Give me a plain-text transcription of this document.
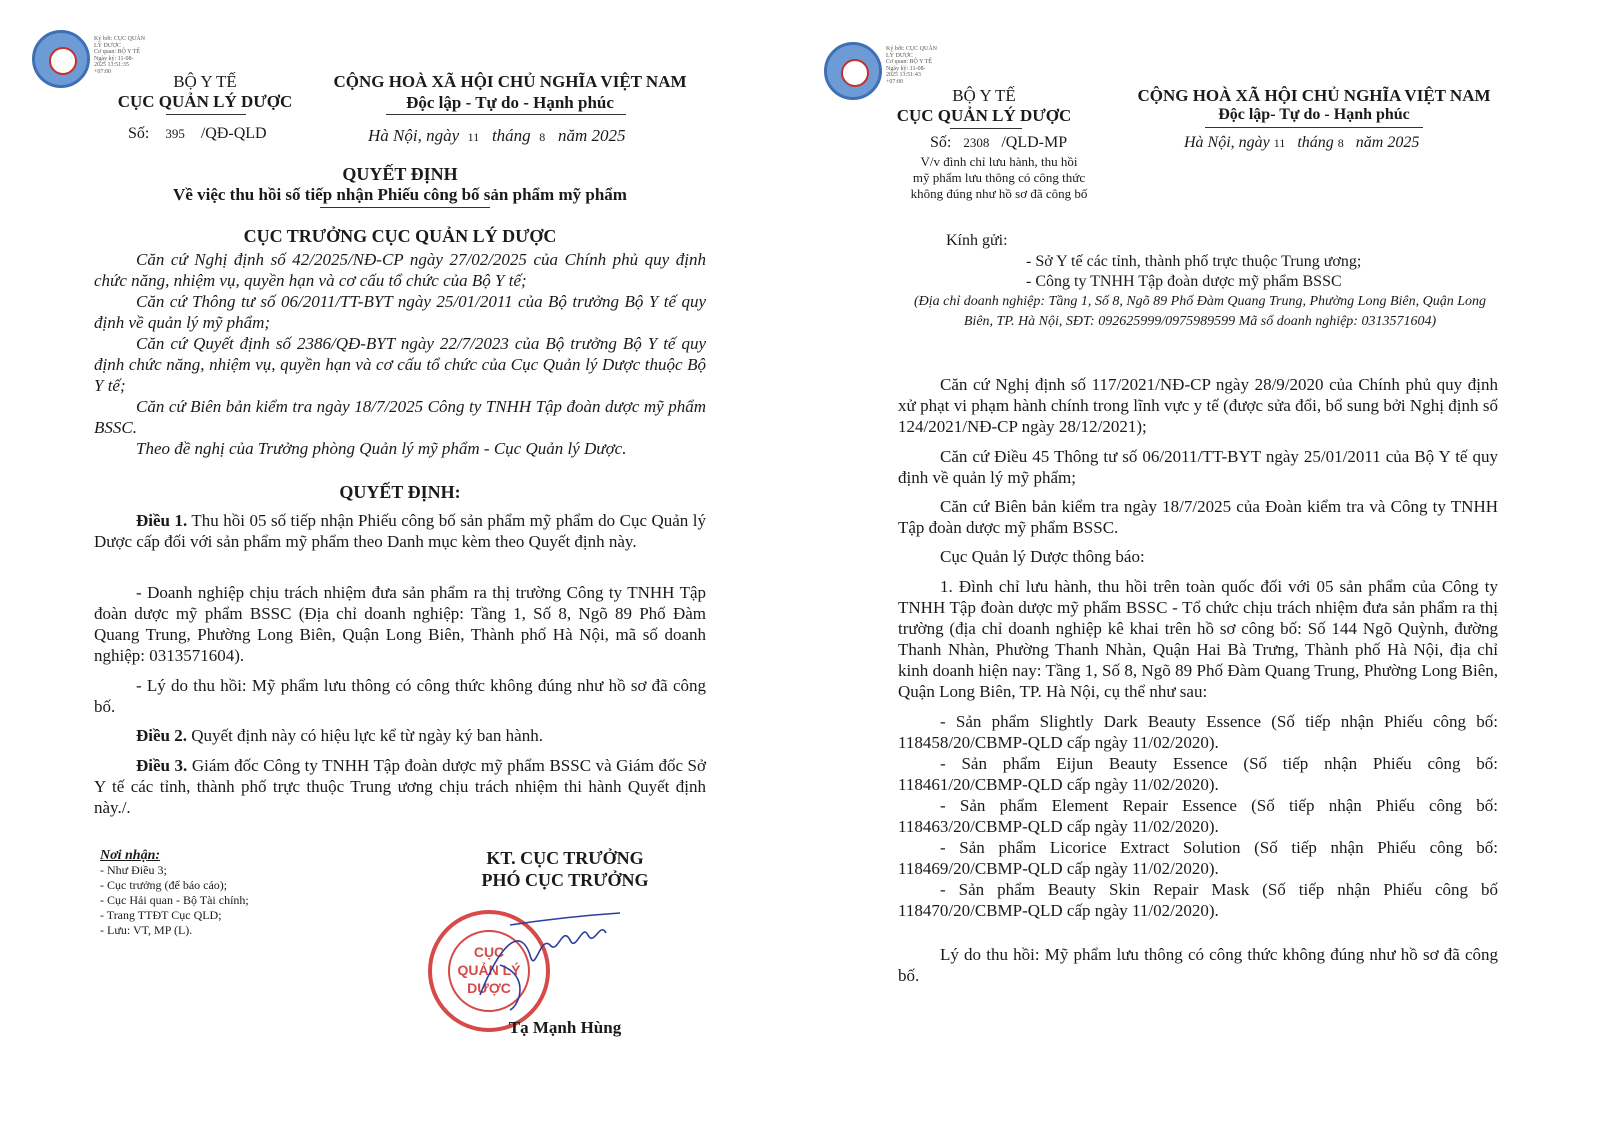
Ký bởi: CỤC QUẢN
LÝ DƯỢC
Cơ quan: BỘ Y TẾ
Ngày ký: 11-08-
2025 13:51:35
+07:00
BỘ Y TẾ
CỤC QUẢN LÝ DƯỢC
CỘNG HOÀ XÃ HỘI CHỦ NGHĨA VIỆT NAM
Độc lập - Tự do - Hạnh phúc
Số: 395 /QĐ-QLD	Hà Nội, ngày 11 tháng 8 năm 2025
QUYẾT ĐỊNH
Về việc thu hồi số tiếp nhận Phiếu công bố sản phẩm mỹ phẩm
CỤC TRƯỞNG CỤC QUẢN LÝ DƯỢC
Căn cứ Nghị định số 42/2025/NĐ-CP ngày 27/02/2025 của Chính phủ quy định chức năng, nhiệm vụ, quyền hạn và cơ cấu tổ chức của Bộ Y tế;
Căn cứ Thông tư số 06/2011/TT-BYT ngày 25/01/2011 của Bộ trưởng Bộ Y tế quy định về quản lý mỹ phẩm;
Căn cứ Quyết định số 2386/QĐ-BYT ngày 22/7/2023 của Bộ trưởng Bộ Y tế quy định chức năng, nhiệm vụ, quyền hạn và cơ cấu tổ chức của Cục Quản lý Dược thuộc Bộ Y tế;
Căn cứ Biên bản kiểm tra ngày 18/7/2025 Công ty TNHH Tập đoàn dược mỹ phẩm BSSC.
Theo đề nghị của Trưởng phòng Quản lý mỹ phẩm - Cục Quản lý Dược.
QUYẾT ĐỊNH:
Điều 1. Thu hồi 05 số tiếp nhận Phiếu công bố sản phẩm mỹ phẩm do Cục Quản lý Dược cấp đối với sản phẩm mỹ phẩm theo Danh mục kèm theo Quyết định này.
- Doanh nghiệp chịu trách nhiệm đưa sản phẩm ra thị trường Công ty TNHH Tập đoàn dược mỹ phẩm BSSC (Địa chỉ doanh nghiệp: Tầng 1, Số 8, Ngõ 89 Phố Đàm Quang Trung, Phường Long Biên, Quận Long Biên, Thành phố Hà Nội, mã số doanh nghiệp: 0313571604).
- Lý do thu hồi: Mỹ phẩm lưu thông có công thức không đúng như hồ sơ đã công bố.
Điều 2. Quyết định này có hiệu lực kể từ ngày ký ban hành.
Điều 3. Giám đốc Công ty TNHH Tập đoàn dược mỹ phẩm BSSC và Giám đốc Sở Y tế các tỉnh, thành phố trực thuộc Trung ương chịu trách nhiệm thi hành Quyết định này./.
Nơi nhận:
- Như Điều 3;
- Cục trưởng (để báo cáo);
- Cục Hải quan - Bộ Tài chính;
- Trang TTĐT Cục QLD;
- Lưu: VT, MP (L).
KT. CỤC TRƯỞNG
PHÓ CỤC TRƯỞNG
CỤC
QUẢN LÝ
DƯỢC
Tạ Mạnh Hùng
Ký bởi: CỤC QUẢN
LÝ DƯỢC
Cơ quan: BỘ Y TẾ
Ngày ký: 11-08-
2025 13:51:43
+07:00
BỘ Y TẾ
CỤC QUẢN LÝ DƯỢC
CỘNG HOÀ XÃ HỘI CHỦ NGHĨA VIỆT NAM
Độc lập- Tự do - Hạnh phúc
Số: 2308 /QLD-MP	Hà Nội, ngày 11 tháng 8 năm 2025
V/v đình chỉ lưu hành, thu hồi
mỹ phẩm lưu thông có công thức
không đúng như hồ sơ đã công bố
Kính gửi:
- Sở Y tế các tỉnh, thành phố trực thuộc Trung ương;
- Công ty TNHH Tập đoàn dược mỹ phẩm BSSC
(Địa chỉ doanh nghiệp: Tầng 1, Số 8, Ngõ 89 Phố Đàm Quang Trung, Phường Long Biên, Quận Long Biên, TP. Hà Nội, SĐT: 092625999/0975989599 Mã số doanh nghiệp: 0313571604)
Căn cứ Nghị định số 117/2021/NĐ-CP ngày 28/9/2020 của Chính phủ quy định xử phạt vi phạm hành chính trong lĩnh vực y tế (được sửa đổi, bổ sung bởi Nghị định số 124/2021/NĐ-CP ngày 28/12/2021);
Căn cứ Điều 45 Thông tư số 06/2011/TT-BYT ngày 25/01/2011 của Bộ Y tế quy định về quản lý mỹ phẩm;
Căn cứ Biên bản kiểm tra ngày 18/7/2025 của Đoàn kiểm tra và Công ty TNHH Tập đoàn dược mỹ phẩm BSSC.
Cục Quản lý Dược thông báo:
1. Đình chỉ lưu hành, thu hồi trên toàn quốc đối với 05 sản phẩm của Công ty TNHH Tập đoàn dược mỹ phẩm BSSC - Tổ chức chịu trách nhiệm đưa sản phẩm ra thị trường (địa chỉ doanh nghiệp kê khai trên hồ sơ công bố: Số 144 Ngõ Quỳnh, đường Thanh Nhàn, Phường Thanh Nhàn, Quận Hai Bà Trưng, Thành phố Hà Nội, địa chỉ kinh doanh hiện nay: Tầng 1, Số 8, Ngõ 89 Phố Đàm Quang Trung, Phường Long Biên, Quận Long Biên, TP. Hà Nội, cụ thể như sau:
- Sản phẩm Slightly Dark Beauty Essence (Số tiếp nhận Phiếu công bố: 118458/20/CBMP-QLD cấp ngày 11/02/2020).
- Sản phẩm Eijun Beauty Essence (Số tiếp nhận Phiếu công bố: 118461/20/CBMP-QLD cấp ngày 11/02/2020).
- Sản phẩm Element Repair Essence (Số tiếp nhận Phiếu công bố: 118463/20/CBMP-QLD cấp ngày 11/02/2020).
- Sản phẩm Licorice Extract Solution (Số tiếp nhận Phiếu công bố: 118469/20/CBMP-QLD cấp ngày 11/02/2020).
- Sản phẩm Beauty Skin Repair Mask (Số tiếp nhận Phiếu công bố 118470/20/CBMP-QLD cấp ngày 11/02/2020).
Lý do thu hồi: Mỹ phẩm lưu thông có công thức không đúng như hồ sơ đã công bố.
